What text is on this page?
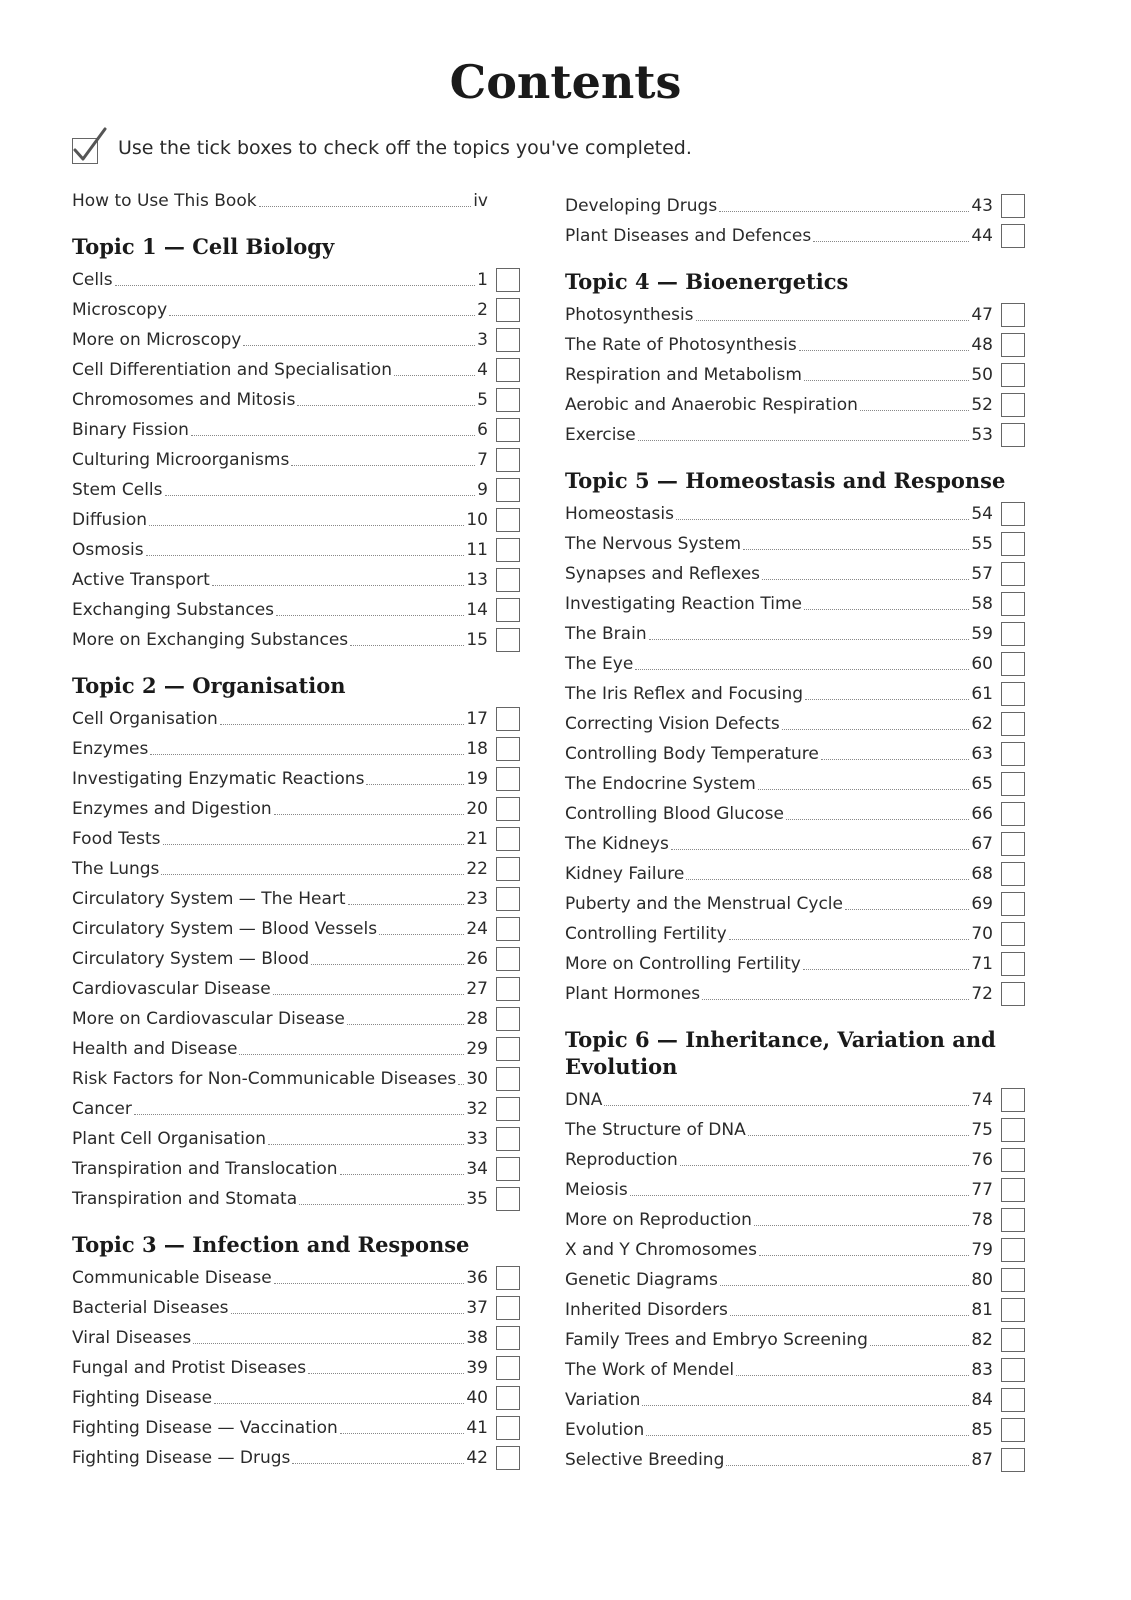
Contents
Use the tick boxes to check off the topics you've completed.
How to Use This Book	iv
Topic 1 — Cell Biology
Cells	1
Microscopy	2
More on Microscopy	3
Cell Differentiation and Specialisation	4
Chromosomes and Mitosis	5
Binary Fission	6
Culturing Microorganisms	7
Stem Cells	9
Diffusion	10
Osmosis	11
Active Transport	13
Exchanging Substances	14
More on Exchanging Substances	15
Topic 2 — Organisation
Cell Organisation	17
Enzymes	18
Investigating Enzymatic Reactions	19
Enzymes and Digestion	20
Food Tests	21
The Lungs	22
Circulatory System — The Heart	23
Circulatory System — Blood Vessels	24
Circulatory System — Blood	26
Cardiovascular Disease	27
More on Cardiovascular Disease	28
Health and Disease	29
Risk Factors for Non-Communicable Diseases 30
Cancer	32
Plant Cell Organisation	33
Transpiration and Translocation	34
Transpiration and Stomata	35
Topic 3 — Infection and Response
Communicable Disease	36
Bacterial Diseases	37
Viral Diseases	38
Fungal and Protist Diseases	39
Fighting Disease	40
Fighting Disease — Vaccination	41
Fighting Disease — Drugs	42
Developing Drugs	43
Plant Diseases and Defences	44
Topic 4 — Bioenergetics
Photosynthesis	47
The Rate of Photosynthesis	48
Respiration and Metabolism	50
Aerobic and Anaerobic Respiration	52
Exercise	53
Topic 5 — Homeostasis and Response
Homeostasis	54
The Nervous System	55
Synapses and Reflexes	57
Investigating Reaction Time	58
The Brain	59
The Eye	60
The Iris Reflex and Focusing	61
Correcting Vision Defects	62
Controlling Body Temperature	63
The Endocrine System	65
Controlling Blood Glucose	66
The Kidneys	67
Kidney Failure	68
Puberty and the Menstrual Cycle	69
Controlling Fertility	70
More on Controlling Fertility	71
Plant Hormones	72
Topic 6 — Inheritance, Variation and Evolution
DNA	74
The Structure of DNA	75
Reproduction	76
Meiosis	77
More on Reproduction	78
X and Y Chromosomes	79
Genetic Diagrams	80
Inherited Disorders	81
Family Trees and Embryo Screening	82
The Work of Mendel	83
Variation	84
Evolution	85
Selective Breeding	87
